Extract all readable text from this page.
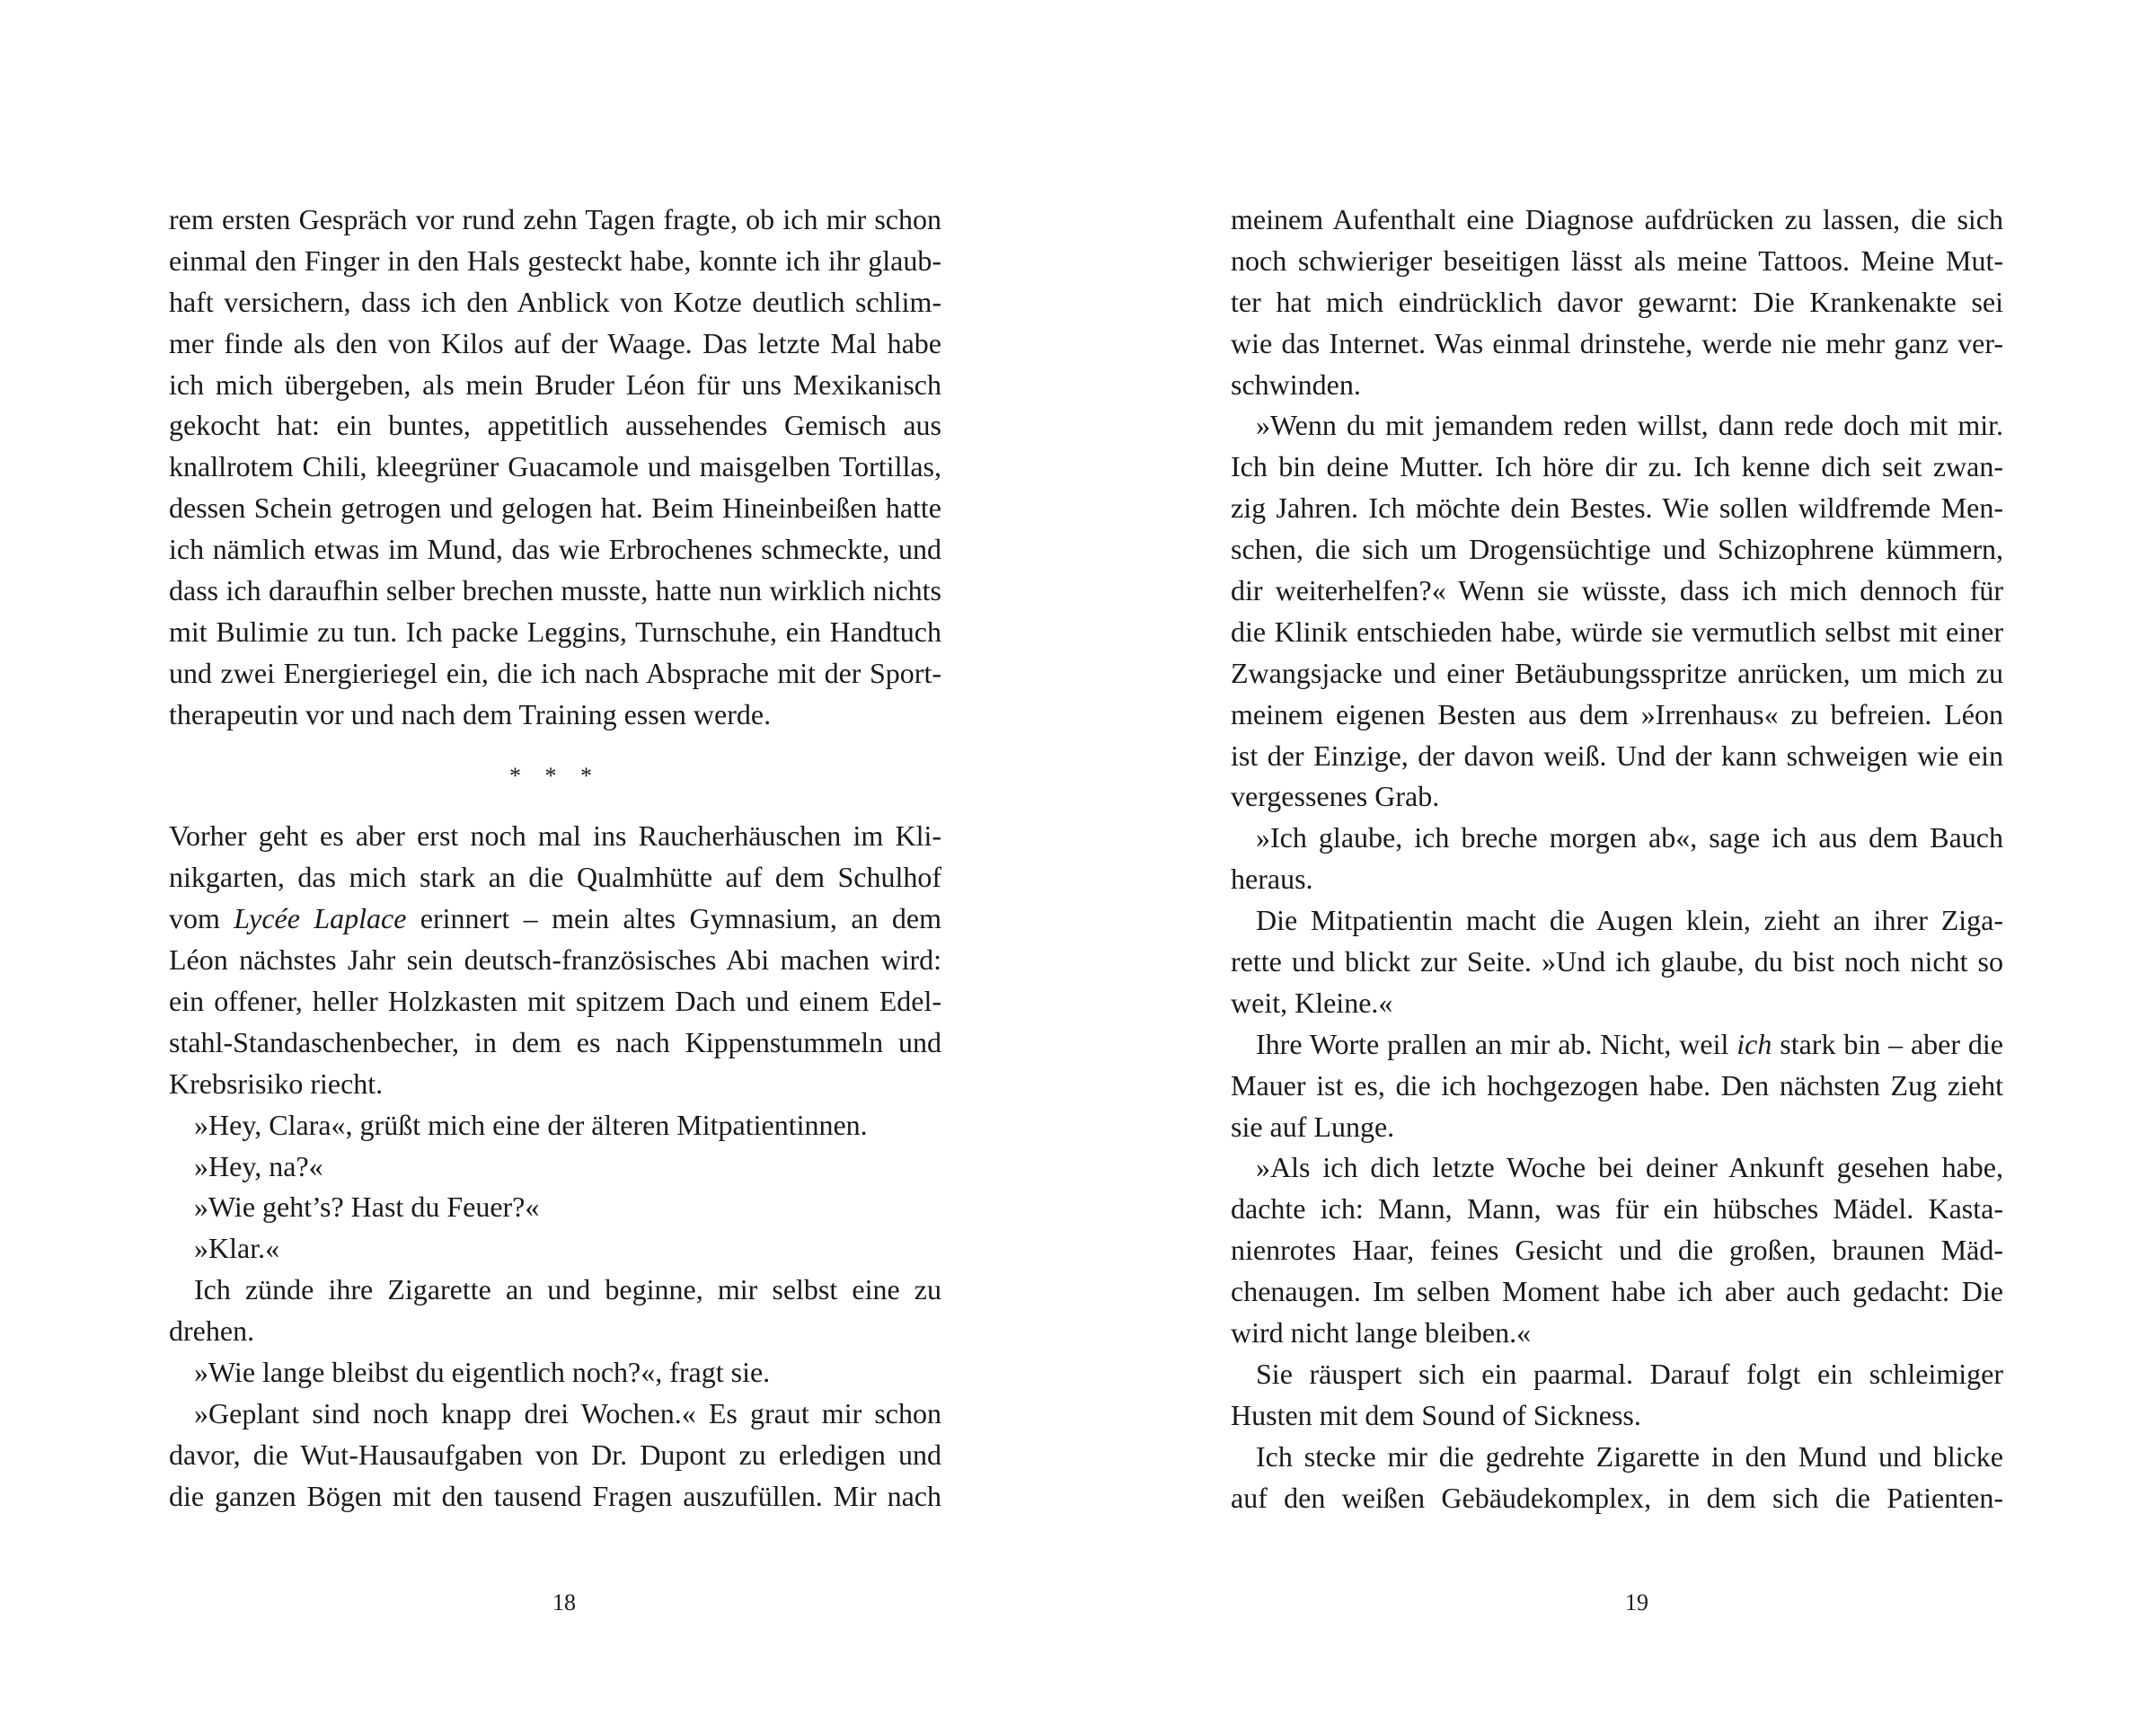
rem ersten Gespräch vor rund zehn Tagen fragte, ob ich mir schon
einmal den Finger in den Hals gesteckt habe, konnte ich ihr glaub-
haft versichern, dass ich den Anblick von Kotze deutlich schlim-
mer finde als den von Kilos auf der Waage. Das letzte Mal habe
ich mich übergeben, als mein Bruder Léon für uns Mexikanisch
gekocht hat: ein buntes, appetitlich aussehendes Gemisch aus
knallrotem Chili, kleegrüner Guacamole und maisgelben Tortillas,
dessen Schein getrogen und gelogen hat. Beim Hineinbeißen hatte
ich nämlich etwas im Mund, das wie Erbrochenes schmeckte, und
dass ich daraufhin selber brechen musste, hatte nun wirklich nichts
mit Bulimie zu tun. Ich packe Leggins, Turnschuhe, ein Handtuch
und zwei Energieriegel ein, die ich nach Absprache mit der Sport-
therapeutin vor und nach dem Training essen werde.
* * *
Vorher geht es aber erst noch mal ins Raucherhäuschen im Kli-
nikgarten, das mich stark an die Qualmhütte auf dem Schulhof
vom Lycée Laplace erinnert – mein altes Gymnasium, an dem
Léon nächstes Jahr sein deutsch-französisches Abi machen wird:
ein offener, heller Holzkasten mit spitzem Dach und einem Edel-
stahl-Standaschenbecher, in dem es nach Kippenstummeln und
Krebsrisiko riecht.
»Hey, Clara«, grüßt mich eine der älteren Mitpatientinnen.
»Hey, na?«
»Wie geht’s? Hast du Feuer?«
»Klar.«
Ich zünde ihre Zigarette an und beginne, mir selbst eine zu
drehen.
»Wie lange bleibst du eigentlich noch?«, fragt sie.
»Geplant sind noch knapp drei Wochen.« Es graut mir schon
davor, die Wut-Hausaufgaben von Dr. Dupont zu erledigen und
die ganzen Bögen mit den tausend Fragen auszufüllen. Mir nach
meinem Aufenthalt eine Diagnose aufdrücken zu lassen, die sich
noch schwieriger beseitigen lässt als meine Tattoos. Meine Mut-
ter hat mich eindrücklich davor gewarnt: Die Krankenakte sei
wie das Internet. Was einmal drinstehe, werde nie mehr ganz ver-
schwinden.
»Wenn du mit jemandem reden willst, dann rede doch mit mir.
Ich bin deine Mutter. Ich höre dir zu. Ich kenne dich seit zwan-
zig Jahren. Ich möchte dein Bestes. Wie sollen wildfremde Men-
schen, die sich um Drogensüchtige und Schizophrene kümmern,
dir weiterhelfen?« Wenn sie wüsste, dass ich mich dennoch für
die Klinik entschieden habe, würde sie vermutlich selbst mit einer
Zwangsjacke und einer Betäubungsspritze anrücken, um mich zu
meinem eigenen Besten aus dem »Irrenhaus« zu befreien. Léon
ist der Einzige, der davon weiß. Und der kann schweigen wie ein
vergessenes Grab.
»Ich glaube, ich breche morgen ab«, sage ich aus dem Bauch
heraus.
Die Mitpatientin macht die Augen klein, zieht an ihrer Ziga-
rette und blickt zur Seite. »Und ich glaube, du bist noch nicht so
weit, Kleine.«
Ihre Worte prallen an mir ab. Nicht, weil ich stark bin – aber die
Mauer ist es, die ich hochgezogen habe. Den nächsten Zug zieht
sie auf Lunge.
»Als ich dich letzte Woche bei deiner Ankunft gesehen habe,
dachte ich: Mann, Mann, was für ein hübsches Mädel. Kasta-
nienrotes Haar, feines Gesicht und die großen, braunen Mäd-
chenaugen. Im selben Moment habe ich aber auch gedacht: Die
wird nicht lange bleiben.«
Sie räuspert sich ein paarmal. Darauf folgt ein schleimiger
Husten mit dem Sound of Sickness.
Ich stecke mir die gedrehte Zigarette in den Mund und blicke
auf den weißen Gebäudekomplex, in dem sich die Patienten-
18	19
